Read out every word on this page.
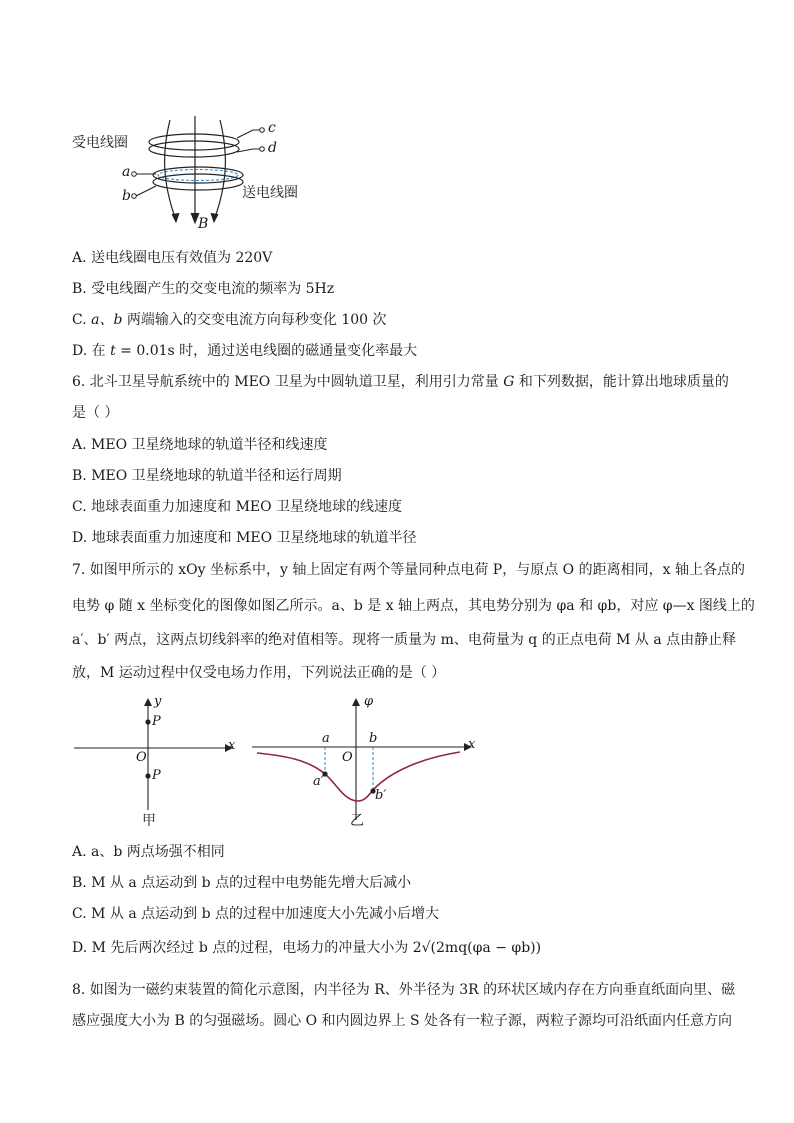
受电线圈
送电线圈
c
d
a
b
B
A. 送电线圈电压有效值为 220V
B. 受电线圈产生的交变电流的频率为 5Hz
C. a、b 两端输入的交变电流方向每秒变化 100 次
D. 在 t = 0.01s 时，通过送电线圈的磁通量变化率最大
6. 北斗卫星导航系统中的 MEO 卫星为中圆轨道卫星，利用引力常量 G 和下列数据，能计算出地球质量的
是（ ）
A. MEO 卫星绕地球的轨道半径和线速度
B. MEO 卫星绕地球的轨道半径和运行周期
C. 地球表面重力加速度和 MEO 卫星绕地球的线速度
D. 地球表面重力加速度和 MEO 卫星绕地球的轨道半径
7. 如图甲所示的 xOy 坐标系中，y 轴上固定有两个等量同种点电荷 P，与原点 O 的距离相同，x 轴上各点的
电势 φ 随 x 坐标变化的图像如图乙所示。a、b 是 x 轴上两点，其电势分别为 φa 和 φb，对应 φ—x 图线上的
a′、b′ 两点，这两点切线斜率的绝对值相等。现将一质量为 m、电荷量为 q 的正点电荷 M 从 a 点由静止释
放，M 运动过程中仅受电场力作用，下列说法正确的是（ ）
y
x
O
P
P
甲
φ
x
O
a	b
a′
b′
乙
A. a、b 两点场强不相同
B. M 从 a 点运动到 b 点的过程中电势能先增大后减小
C. M 从 a 点运动到 b 点的过程中加速度大小先减小后增大
D. M 先后两次经过 b 点的过程，电场力的冲量大小为 2√(2mq(φa − φb))
8. 如图为一磁约束装置的简化示意图，内半径为 R、外半径为 3R 的环状区域内存在方向垂直纸面向里、磁
感应强度大小为 B 的匀强磁场。圆心 O 和内圆边界上 S 处各有一粒子源，两粒子源均可沿纸面内任意方向
